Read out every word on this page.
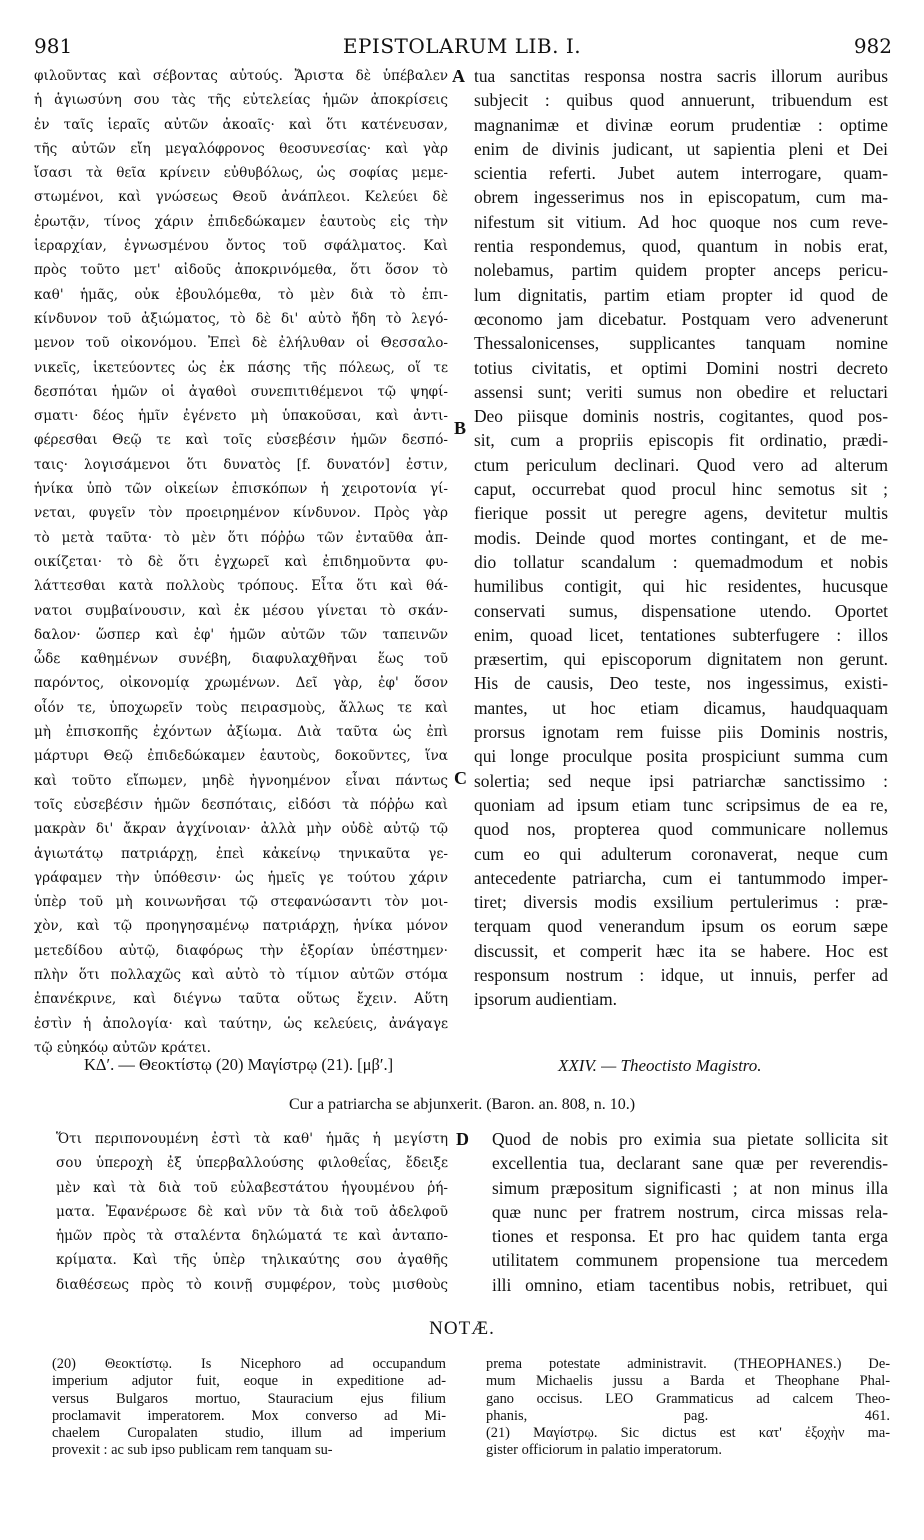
981	EPISTOLARUM LIB. I.	982
φιλοῦντας καὶ σέβοντας αὐτούς. Ἄριστα δὲ ὑπέβαλεν
ἡ ἁγιωσύνη σου τὰς τῆς εὐτελείας ἡμῶν ἀποκρίσεις
ἐν ταῖς ἱεραῖς αὐτῶν ἀκοαῖς· καὶ ὅτι κατένευσαν,
τῆς αὐτῶν εἴη μεγαλόφρονος θεοσυνεσίας· καὶ γὰρ
ἴσασι τὰ θεῖα κρίνειν εὐθυβόλως, ὡς σοφίας μεμε-
στωμένοι, καὶ γνώσεως Θεοῦ ἀνάπλεοι. Κελεύει δὲ
ἐρωτᾷν, τίνος χάριν ἐπιδεδώκαμεν ἑαυτοὺς εἰς τὴν
ἱεραρχίαν, ἐγνωσμένου ὄντος τοῦ σφάλματος. Καὶ
πρὸς τοῦτο μετ' αἰδοῦς ἀποκρινόμεθα, ὅτι ὅσον τὸ
καθ' ἡμᾶς, οὐκ ἐβουλόμεθα, τὸ μὲν διὰ τὸ ἐπι-
κίνδυνον τοῦ ἀξιώματος, τὸ δὲ δι' αὐτὸ ἤδη τὸ λεγό-
μενον τοῦ οἰκονόμου. Ἐπεὶ δὲ ἐλήλυθαν οἱ Θεσσαλο-
νικεῖς, ἱκετεύοντες ὡς ἐκ πάσης τῆς πόλεως, οἵ τε
δεσπόται ἡμῶν οἱ ἀγαθοὶ συνεπιτιθέμενοι τῷ ψηφί-
σματι· δέος ἡμῖν ἐγένετο μὴ ὑπακοῦσαι, καὶ ἀντι-
φέρεσθαι Θεῷ τε καὶ τοῖς εὐσεβέσιν ἡμῶν δεσπό-
ταις· λογισάμενοι ὅτι δυνατὸς [f. δυνατόν] ἐστιν,
ἡνίκα ὑπὸ τῶν οἰκείων ἐπισκόπων ἡ χειροτονία γί-
νεται, φυγεῖν τὸν προειρημένον κίνδυνον. Πρὸς γὰρ
τὸ μετὰ ταῦτα· τὸ μὲν ὅτι πόῤῥω τῶν ἐνταῦθα ἀπ-
οικίζεται· τὸ δὲ ὅτι ἐγχωρεῖ καὶ ἐπιδημοῦντα φυ-
λάττεσθαι κατὰ πολλοὺς τρόπους. Εἶτα ὅτι καὶ θά-
νατοι συμβαίνουσιν, καὶ ἐκ μέσου γίνεται τὸ σκάν-
δαλον· ὥσπερ καὶ ἐφ' ἡμῶν αὐτῶν τῶν ταπεινῶν
ὧδε καθημένων συνέβη, διαφυλαχθῆναι ἕως τοῦ
παρόντος, οἰκονομίᾳ χρωμένων. Δεῖ γὰρ, ἐφ' ὅσον
οἷόν τε, ὑποχωρεῖν τοὺς πειρασμοὺς, ἄλλως τε καὶ
μὴ ἐπισκοπῆς ἐχόντων ἀξίωμα. Διὰ ταῦτα ὡς ἐπὶ
μάρτυρι Θεῷ ἐπιδεδώκαμεν ἑαυτοὺς, δοκοῦντες, ἵνα
καὶ τοῦτο εἴπωμεν, μηδὲ ἠγνοημένον εἶναι πάντως
τοῖς εὐσεβέσιν ἡμῶν δεσπόταις, εἰδόσι τὰ πόῤῥω καὶ
μακρὰν δι' ἄκραν ἀγχίνοιαν· ἀλλὰ μὴν οὐδὲ αὐτῷ τῷ
ἁγιωτάτῳ πατριάρχῃ, ἐπεὶ κἀκείνῳ τηνικαῦτα γε-
γράφαμεν τὴν ὑπόθεσιν· ὡς ἡμεῖς γε τούτου χάριν
ὑπὲρ τοῦ μὴ κοινωνῆσαι τῷ στεφανώσαντι τὸν μοι-
χὸν, καὶ τῷ προηγησαμένῳ πατριάρχῃ, ἡνίκα μόνον
μετεδίδου αὐτῷ, διαφόρως τὴν ἐξορίαν ὑπέστημεν·
πλὴν ὅτι πολλαχῶς καὶ αὐτὸ τὸ τίμιον αὐτῶν στόμα
ἐπανέκρινε, καὶ διέγνω ταῦτα οὕτως ἔχειν. Αὕτη
ἐστὶν ἡ ἀπολογία· καὶ ταύτην, ὡς κελεύεις, ἀνάγαγε
τῷ εὐηκόῳ αὐτῶν κράτει.
tua sanctitas responsa nostra sacris illorum auribus
subjecit : quibus quod annuerunt, tribuendum est
magnanimæ et divinæ eorum prudentiæ : optime
enim de divinis judicant, ut sapientia pleni et Dei
scientia referti. Jubet autem interrogare, quam-
obrem ingesserimus nos in episcopatum, cum ma-
nifestum sit vitium. Ad hoc quoque nos cum reve-
rentia respondemus, quod, quantum in nobis erat,
nolebamus, partim quidem propter anceps pericu-
lum dignitatis, partim etiam propter id quod de
œconomo jam dicebatur. Postquam vero advenerunt
Thessalonicenses, supplicantes tanquam nomine
totius civitatis, et optimi Domini nostri decreto
assensi sunt; veriti sumus non obedire et reluctari
Deo piisque dominis nostris, cogitantes, quod pos-
sit, cum a propriis episcopis fit ordinatio, prædi-
ctum periculum declinari. Quod vero ad alterum
caput, occurrebat quod procul hinc semotus sit ;
fierique possit ut peregre agens, devitetur multis
modis. Deinde quod mortes contingant, et de me-
dio tollatur scandalum : quemadmodum et nobis
humilibus contigit, qui hic residentes, hucusque
conservati sumus, dispensatione utendo. Oportet
enim, quoad licet, tentationes subterfugere : illos
præsertim, qui episcoporum dignitatem non gerunt.
His de causis, Deo teste, nos ingessimus, existi-
mantes, ut hoc etiam dicamus, haudquaquam
prorsus ignotam rem fuisse piis Dominis nostris,
qui longe proculque posita prospiciunt summa cum
solertia; sed neque ipsi patriarchæ sanctissimo :
quoniam ad ipsum etiam tunc scripsimus de ea re,
quod nos, propterea quod communicare nollemus
cum eo qui adulterum coronaverat, neque cum
antecedente patriarcha, cum ei tantummodo imper-
tiret; diversis modis exsilium pertulerimus : præ-
terquam quod venerandum ipsum os eorum sæpe
discussit, et comperit hæc ita se habere. Hoc est
responsum nostrum : idque, ut innuis, perfer ad
ipsorum audientiam.
A
B
C
D
ΚΔʹ. — Θεοκτίστῳ (20) Μαγίστρῳ (21). [μβʹ.]	XXIV. — Theoctisto Magistro.
Cur a patriarcha se abjunxerit. (Baron. an. 808, n. 10.)
Ὅτι περιπονουμένη ἐστὶ τὰ καθ' ἡμᾶς ἡ μεγίστη
σου ὑπεροχὴ ἐξ ὑπερβαλλούσης φιλοθεΐας, ἔδειξε
μὲν καὶ τὰ διὰ τοῦ εὐλαβεστάτου ἡγουμένου ῥή-
ματα. Ἐφανέρωσε δὲ καὶ νῦν τὰ διὰ τοῦ ἀδελφοῦ
ἡμῶν πρὸς τὰ σταλέντα δηλώματά τε καὶ ἀνταπο-
κρίματα. Καὶ τῆς ὑπὲρ τηλικαύτης σου ἀγαθῆς
διαθέσεως πρὸς τὸ κοινῇ συμφέρον, τοὺς μισθοὺς
Quod de nobis pro eximia sua pietate sollicita sit
excellentia tua, declarant sane quæ per reverendis-
simum præpositum significasti ; at non minus illa
quæ nunc per fratrem nostrum, circa missas rela-
tiones et responsa. Et pro hac quidem tanta erga
utilitatem communem propensione tua mercedem
illi omnino, etiam tacentibus nobis, retribuet, qui
NOTÆ.
(20) Θεοκτίστῳ. Is Nicephoro ad occupandum
imperium adjutor fuit, eoque in expeditione ad-
versus Bulgaros mortuo, Stauracium ejus filium
proclamavit imperatorem. Mox converso ad Mi-
chaelem Curopalaten studio, illum ad imperium
provexit : ac sub ipso publicam rem tanquam su-
prema potestate administravit. (THEOPHANES.) De-
mum Michaelis jussu a Barda et Theophane Phal-
gano occisus. LEO Grammaticus ad calcem Theo-
phanis, pag. 461.
(21) Μαγίστρῳ. Sic dictus est κατ' ἐξοχὴν ma-
gister officiorum in palatio imperatorum.
